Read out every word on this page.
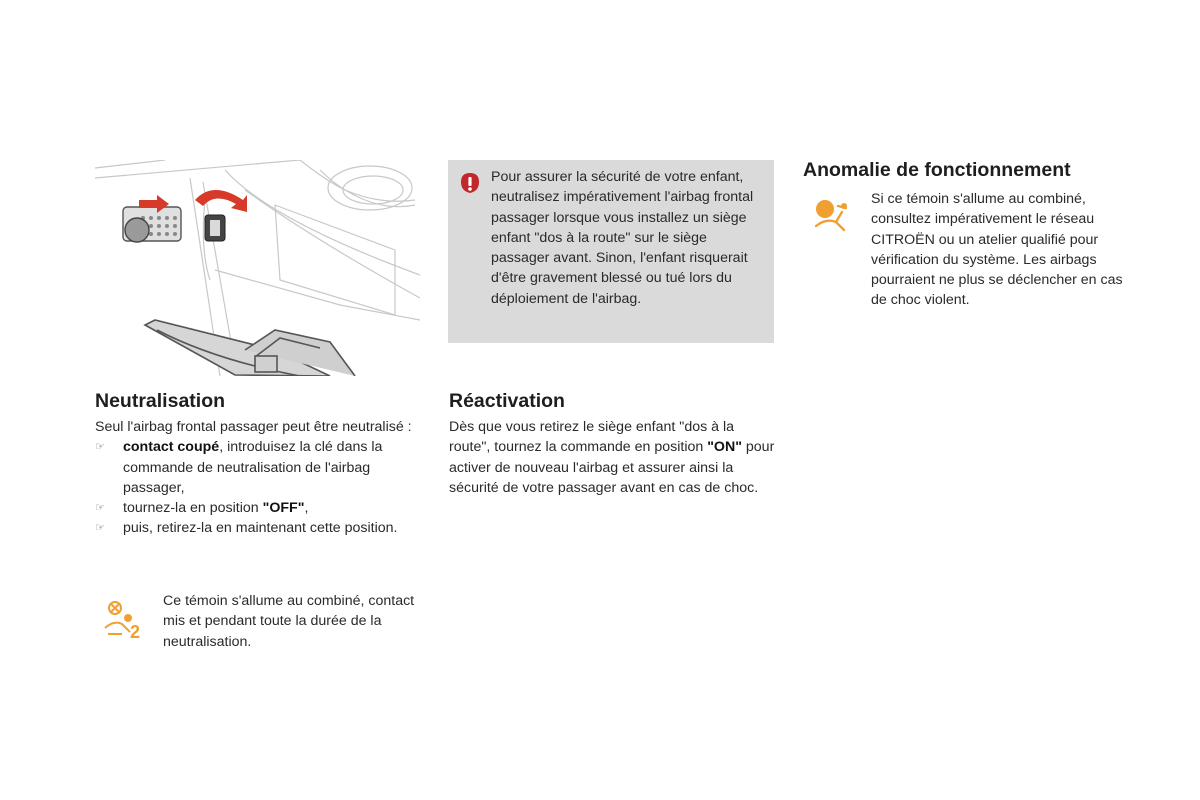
Pour assurer la sécurité de votre enfant, neutralisez impérativement l'airbag frontal passager lorsque vous installez un siège enfant "dos à la route" sur le siège passager avant. Sinon, l'enfant risquerait d'être gravement blessé ou tué lors du déploiement de l'airbag.
Neutralisation
Seul l'airbag frontal passager peut être neutralisé :
☞	contact coupé, introduisez la clé dans la commande de neutralisation de l'airbag passager,
☞	tournez-la en position "OFF",
☞	puis, retirez-la en maintenant cette position.
2
Ce témoin s'allume au combiné, contact mis et pendant toute la durée de la neutralisation.
Réactivation
Dès que vous retirez le siège enfant "dos à la route", tournez la commande en position "ON" pour activer de nouveau l'airbag et assurer ainsi la sécurité de votre passager avant en cas de choc.
Anomalie de fonctionnement
Si ce témoin s'allume au combiné, consultez impérativement le réseau CITROËN ou un atelier qualifié pour vérification du système. Les airbags pourraient ne plus se déclencher en cas de choc violent.
